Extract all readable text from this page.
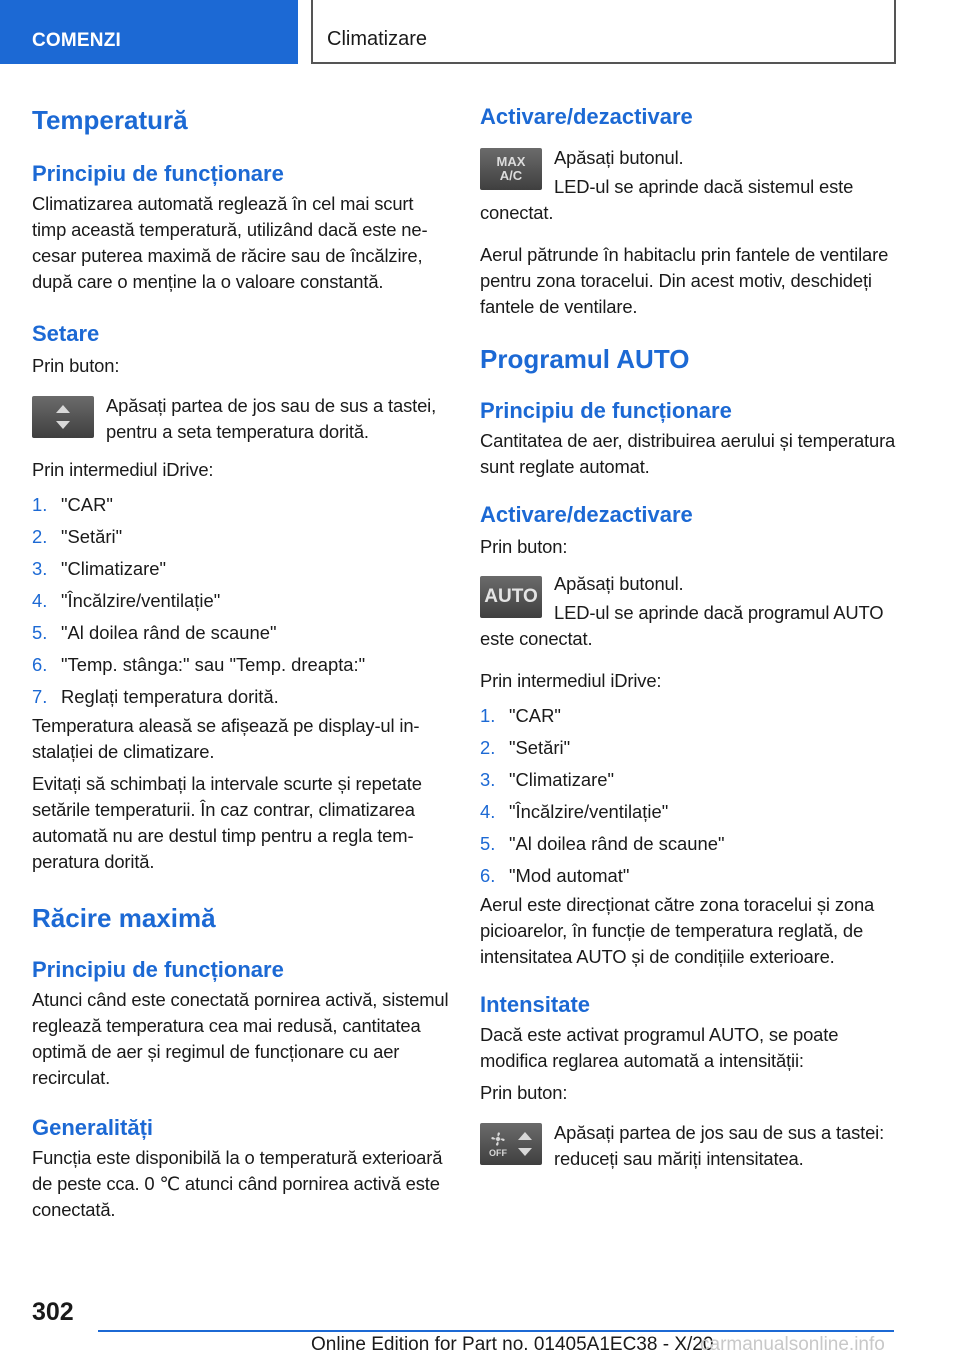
COMENZI	Climatizare
Temperatură
Principiu de funcționare
Climatizarea automată reglează în cel mai scurt timp această temperatură, utilizând dacă este necesar puterea maximă de răcire sau de încălzire, după care o menține la o valoare constantă.
Setare
Prin buton:
Apăsați partea de jos sau de sus a tastei, pentru a seta temperatura dorită.
Prin intermediul iDrive:
1. "CAR"
2. "Setări"
3. "Climatizare"
4. "Încălzire/ventilație"
5. "Al doilea rând de scaune"
6. "Temp. stânga:" sau "Temp. dreapta:"
7. Reglați temperatura dorită.
Temperatura aleasă se afișează pe display-ul instalației de climatizare.
Evitați să schimbați la intervale scurte și repetate setările temperaturii. În caz contrar, climatizarea automată nu are destul timp pentru a regla temperatura dorită.
Răcire maximă
Principiu de funcționare
Atunci când este conectată pornirea activă, sistemul reglează temperatura cea mai redusă, cantitatea optimă de aer și regimul de funcționare cu aer recirculat.
Generalități
Funcția este disponibilă la o temperatură exterioară de peste cca. 0 ℃ atunci când pornirea activă este conectată.
Activare/dezactivare
MAX
A/C
Apăsați butonul.
LED-ul se aprinde dacă sistemul este conectat.
Aerul pătrunde în habitaclu prin fantele de ventilare pentru zona toracelui. Din acest motiv, deschideți fantele de ventilare.
Programul AUTO
Principiu de funcționare
Cantitatea de aer, distribuirea aerului și temperatura sunt reglate automat.
Activare/dezactivare
Prin buton:
AUTO
Apăsați butonul.
LED-ul se aprinde dacă programul AUTO este conectat.
Prin intermediul iDrive:
1. "CAR"
2. "Setări"
3. "Climatizare"
4. "Încălzire/ventilație"
5. "Al doilea rând de scaune"
6. "Mod automat"
Aerul este direcționat către zona toracelui și zona picioarelor, în funcție de temperatura reglată, de intensitatea AUTO și de condițiile exterioare.
Intensitate
Dacă este activat programul AUTO, se poate modifica reglarea automată a intensității:
Prin buton:
OFF
Apăsați partea de jos sau de sus a tastei: reduceți sau măriți intensitatea.
302
Online Edition for Part no. 01405A1EC38 - X/20
carmanualsonline.info
